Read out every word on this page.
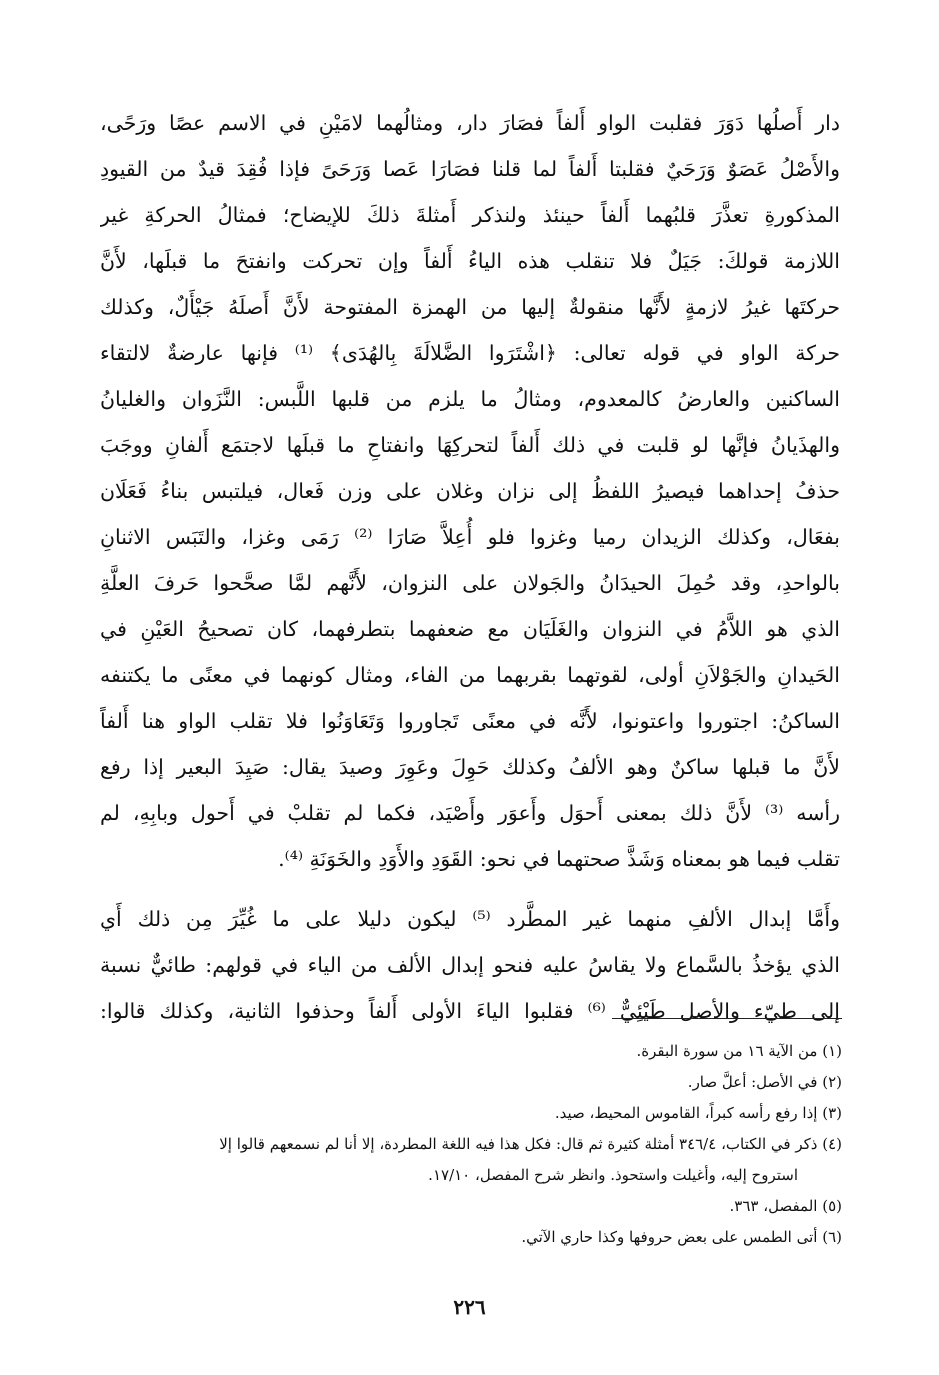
دار أَصلُها دَوَرَ فقلبت الواو أَلفاً فصَارَ دار، ومثالُهما لامَيْنِ في الاسم عصًا ورَحًى،
والأَصْلُ عَصَوٌ وَرَحَيٌ فقلبتا أَلفاً لما قلنا فصَارَا عَصا وَرَحَىً فإذا فُقِدَ قيدٌ من القيودِ
المذكورةِ تعذَّرَ قلبُهما أَلفاً حينئذ ولنذكر أَمثلةَ ذلكَ للإيضاح؛ فمثالُ الحركةِ غير
اللازمة قولكَ: جَيَلٌ فلا تنقلب هذه الياءُ أَلفاً وإن تحركت وانفتحَ ما قبلَها، لأَنَّ
حركتَها غيرُ لازمةٍ لأَنَّها منقولةٌ إليها من الهمزة المفتوحة لأَنَّ أَصلَهُ جَيْأَلٌ، وكذلك
حركة الواو في قوله تعالى: ﴿اشْتَرَوا الضَّلالَةَ بِالهُدَى﴾ ⁽¹⁾ فإنها عارضةٌ لالتقاء
الساكنين والعارضُ كالمعدوم، ومثالُ ما يلزم من قلبها اللَّبس: النَّزَوان والغليانُ
والهذَيانُ فإنَّها لو قلبت في ذلك أَلفاً لتحركِهَا وانفتاحِ ما قبلَها لاجتمَع أَلفانِ ووجَبَ
حذفُ إحداهما فيصيرُ اللفظُ إلى نزان وغلان على وزن فَعال، فيلتبس بناءُ فَعَلَان
بفعَال، وكذلك الزيدان رميا وغزوا فلو أُعِلاَّ صَارَا ⁽²⁾ رَمَى وغزا، والتَبَس الاثنانِ
بالواحدِ، وقد حُمِلَ الحيدَانُ والجَولان على النزوان، لأَنَّهم لمَّا صحَّحوا حَرفَ العلَّةِ
الذي هو اللاَّمُ في النزوان والغَلَيَان مع ضعفهما بتطرفهما، كان تصحيحُ العَيْنِ في
الحَيدانِ والجَوْلاَنِ أولى، لقوتهما بقربهما من الفاء، ومثال كونهما في معنًى ما يكتنفه
الساكنُ: اجتوروا واعتونوا، لأَنَّه في معنًى تَجاوروا وَتَعَاوَنُوا فلا تقلب الواو هنا أَلفاً
لأَنَّ ما قبلها ساكنٌ وهو الألفُ وكذلك حَوِلَ وعَوِرَ وصيدَ يقال: صَيِدَ البعير إذا رفع
رأسه ⁽³⁾ لأَنَّ ذلك بمعنى أَحوَل وأَعوَر وأَصْيَد، فكما لم تقلبْ في أَحول وبابِهِ، لم
تقلب فيما هو بمعناه وَشَذَّ صحتهما في نحو: القَوَدِ والأَوَدِ والخَوَنَةِ ⁽⁴⁾.
وأَمَّا إبدال الألفِ منهما غير المطَّرد ⁽⁵⁾ ليكون دليلا على ما غُيِّرَ مِن ذلك أَي
الذي يؤخذُ بالسَّماع ولا يقاسُ عليه فنحو إبدال الألف من الياء في قولهم: طائيٌّ نسبة
إلى طيّء والأصل طَيْئِيٌّ ⁽⁶⁾ فقلبوا الياءَ الأولى أَلفاً وحذفوا الثانية، وكذلك قالوا:
(١) من الآية ١٦ من سورة البقرة.
(٢) في الأصل: أعلَّ صار.
(٣) إذا رفع رأسه كبراً، القاموس المحيط، صيد.
(٤) ذكر في الكتاب، ٣٤٦/٤ أمثلة كثيرة ثم قال: فكل هذا فيه اللغة المطردة، إلا أنا لم نسمعهم قالوا إلا
استروح إليه، وأغيلت واستحوذ. وانظر شرح المفصل، ١٧/١٠.
(٥) المفصل، ٣٦٣.
(٦) أتى الطمس على بعض حروفها وكذا حاري الآتي.
٢٢٦
